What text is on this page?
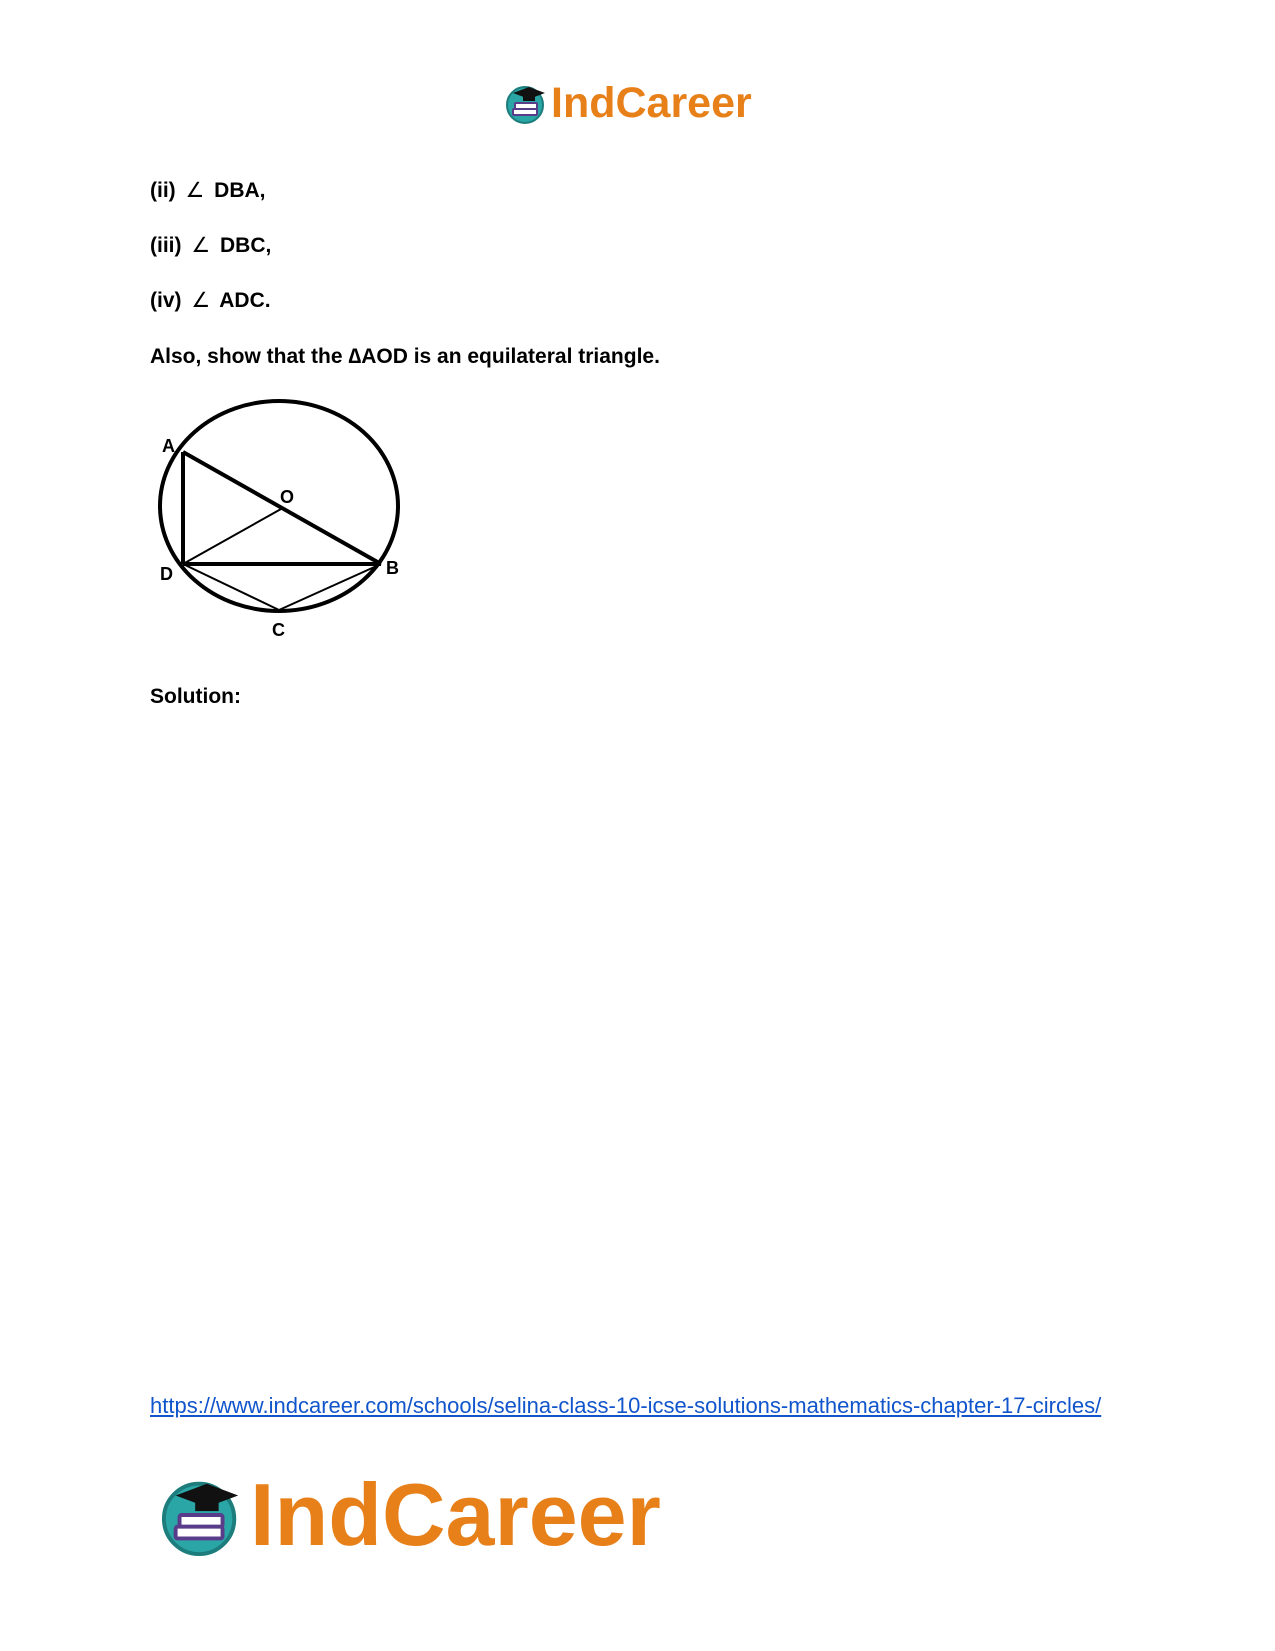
IndCareer
(ii) ∠ DBA,
(iii) ∠ DBC,
(iv) ∠ ADC.
Also, show that the ∆AOD is an equilateral triangle.
A
O
D	B
C
Solution:
https://www.indcareer.com/schools/selina-class-10-icse-solutions-mathematics-chapter-17-circles/
IndCareer
